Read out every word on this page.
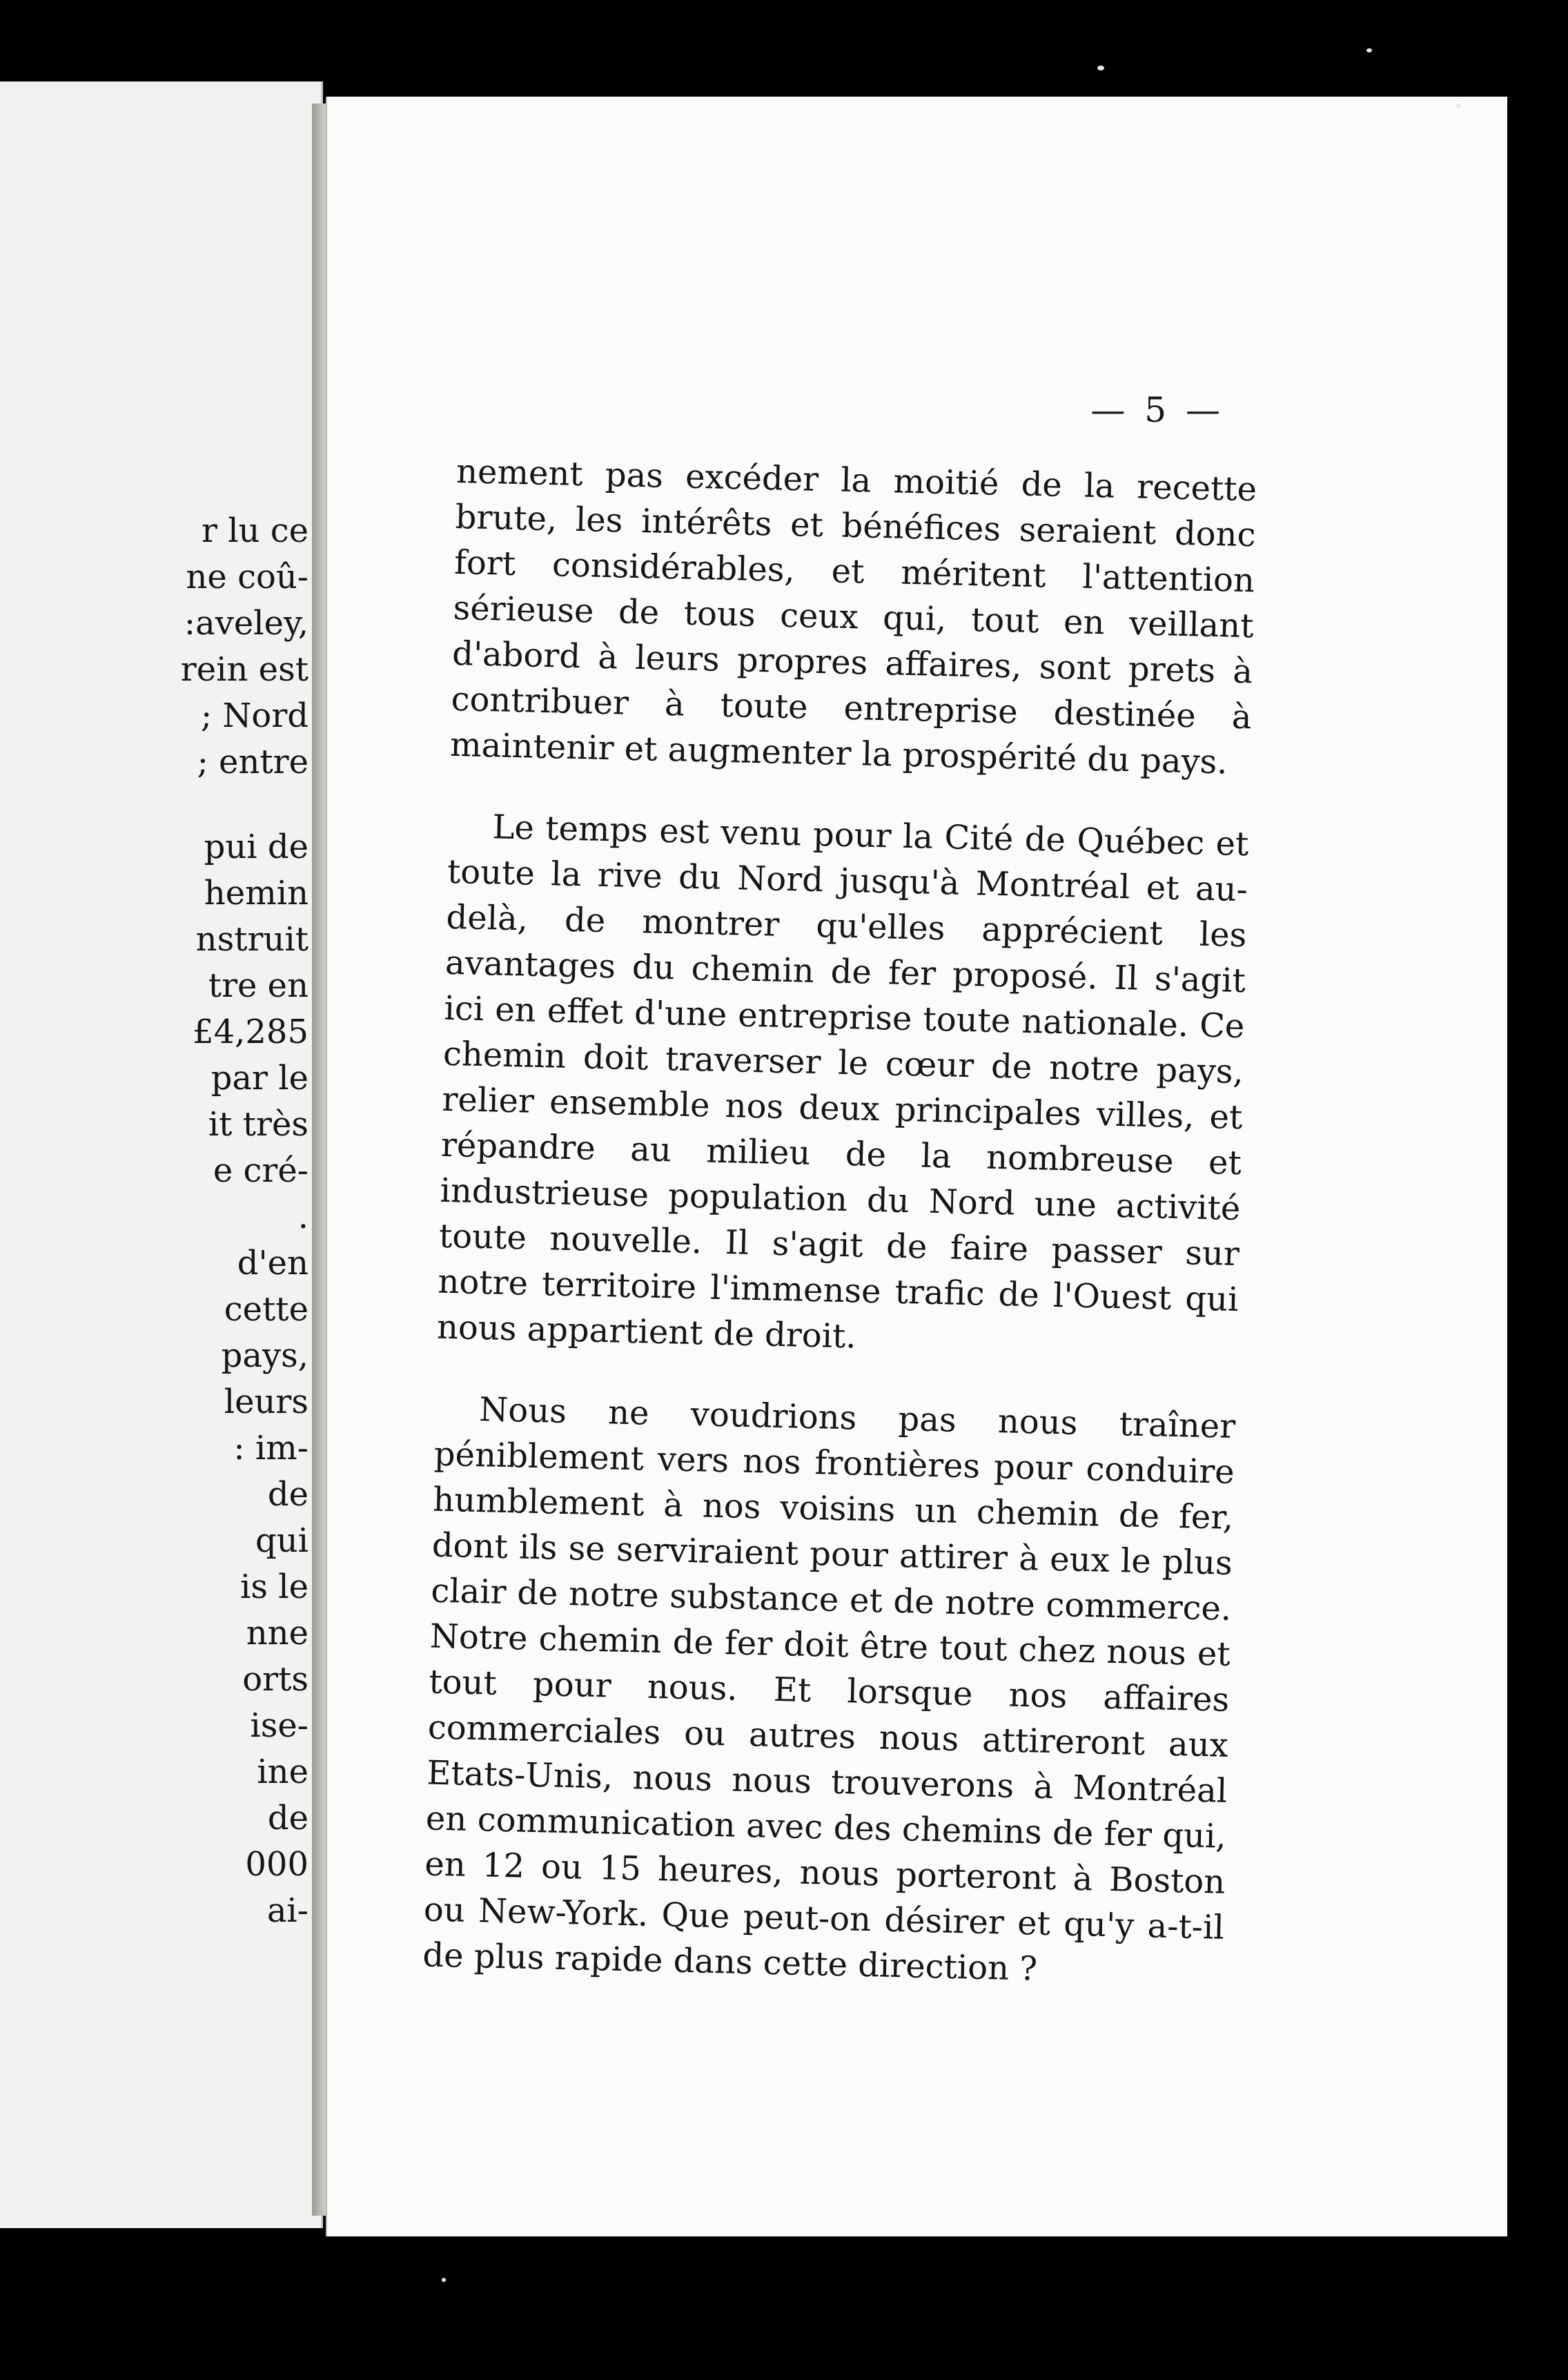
r lu ce
ne coû-
:aveley,
rein est
; Nord
; entre
pui de
hemin
nstruit
tre en
£4,285
par le
it très
e cré-
.
d'en
cette
pays,
leurs
: im-
de
qui
is le
nne
orts
ise-
ine
de
000
ai-
— 5 —

nement pas excéder la moitié de la recette brute, les intérêts et bénéfices seraient donc fort considérables, et méritent l'attention sérieuse de tous ceux qui, tout en veillant d'abord à leurs propres affaires, sont prets à contribuer à toute entreprise destinée à maintenir et augmenter la prospérité du pays.

Le temps est venu pour la Cité de Québec et toute la rive du Nord jusqu'à Montréal et au-delà, de montrer qu'elles apprécient les avantages du chemin de fer proposé. Il s'agit ici en effet d'une entreprise toute nationale. Ce chemin doit traverser le cœur de notre pays, relier ensemble nos deux principales villes, et répandre au milieu de la nombreuse et industrieuse population du Nord une activité toute nouvelle. Il s'agit de faire passer sur notre territoire l'immense trafic de l'Ouest qui nous appartient de droit.

Nous ne voudrions pas nous traîner péniblement vers nos frontières pour conduire humblement à nos voisins un chemin de fer, dont ils se serviraient pour attirer à eux le plus clair de notre substance et de notre commerce. Notre chemin de fer doit être tout chez nous et tout pour nous. Et lorsque nos affaires commerciales ou autres nous attireront aux Etats-Unis, nous nous trouverons à Montréal en communication avec des chemins de fer qui, en 12 ou 15 heures, nous porteront à Boston ou New-York. Que peut-on désirer et qu'y a-t-il de plus rapide dans cette direction ?
